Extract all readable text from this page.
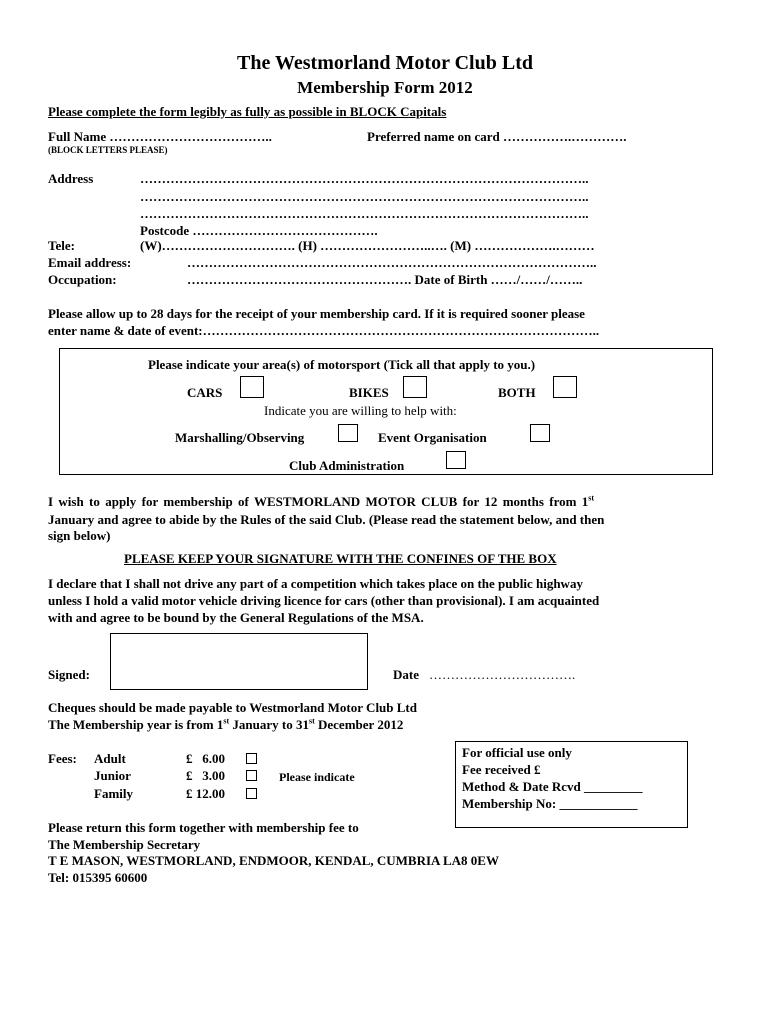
The Westmorland Motor Club Ltd
Membership Form 2012
Please complete the form legibly as fully as possible in BLOCK Capitals
Full Name ………………………………..
(BLOCK LETTERS PLEASE)
Preferred name on card …………….………….
Address	…………………………………………………………………………………………..
…………………………………………………………………………………………..
…………………………………………………………………………………………..
Postcode …………………………………….
Tele:	(W)…………………………. (H) ……………………..…. (M) ……………….………
Email address:	…………………………………………………………………………………..
Occupation:	……………………………………………. Date of Birth ……/……/……..
Please allow up to 28 days for the receipt of your membership card. If it is required sooner please
enter name & date of event:………………………………………………………………………………..
Please indicate your area(s) of motorsport (Tick all that apply to you.)
CARS	BIKES	BOTH
Indicate you are willing to help with:
Marshalling/Observing	Event Organisation
Club Administration
I wish to apply for membership of WESTMORLAND MOTOR CLUB for 12 months from 1st
January and agree to abide by the Rules of the said Club. (Please read the statement below, and then
sign below)
PLEASE KEEP YOUR SIGNATURE WITH THE CONFINES OF THE BOX
I declare that I shall not drive any part of a competition which takes place on the public highway
unless I hold a valid motor vehicle driving licence for cars (other than provisional). I am acquainted
with and agree to be bound by the General Regulations of the MSA.
Signed:	Date …………………………….
Cheques should be made payable to Westmorland Motor Club Ltd
The Membership year is from 1st January to 31st December 2012
Fees: Adult	£   6.00
Junior	£   3.00
Family	£ 12.00
Please indicate
For official use only
Fee received £
Method & Date Rcvd _________
Membership No: ____________
Please return this form together with membership fee to
The Membership Secretary
T E MASON, WESTMORLAND, ENDMOOR, KENDAL, CUMBRIA LA8 0EW
Tel: 015395 60600
